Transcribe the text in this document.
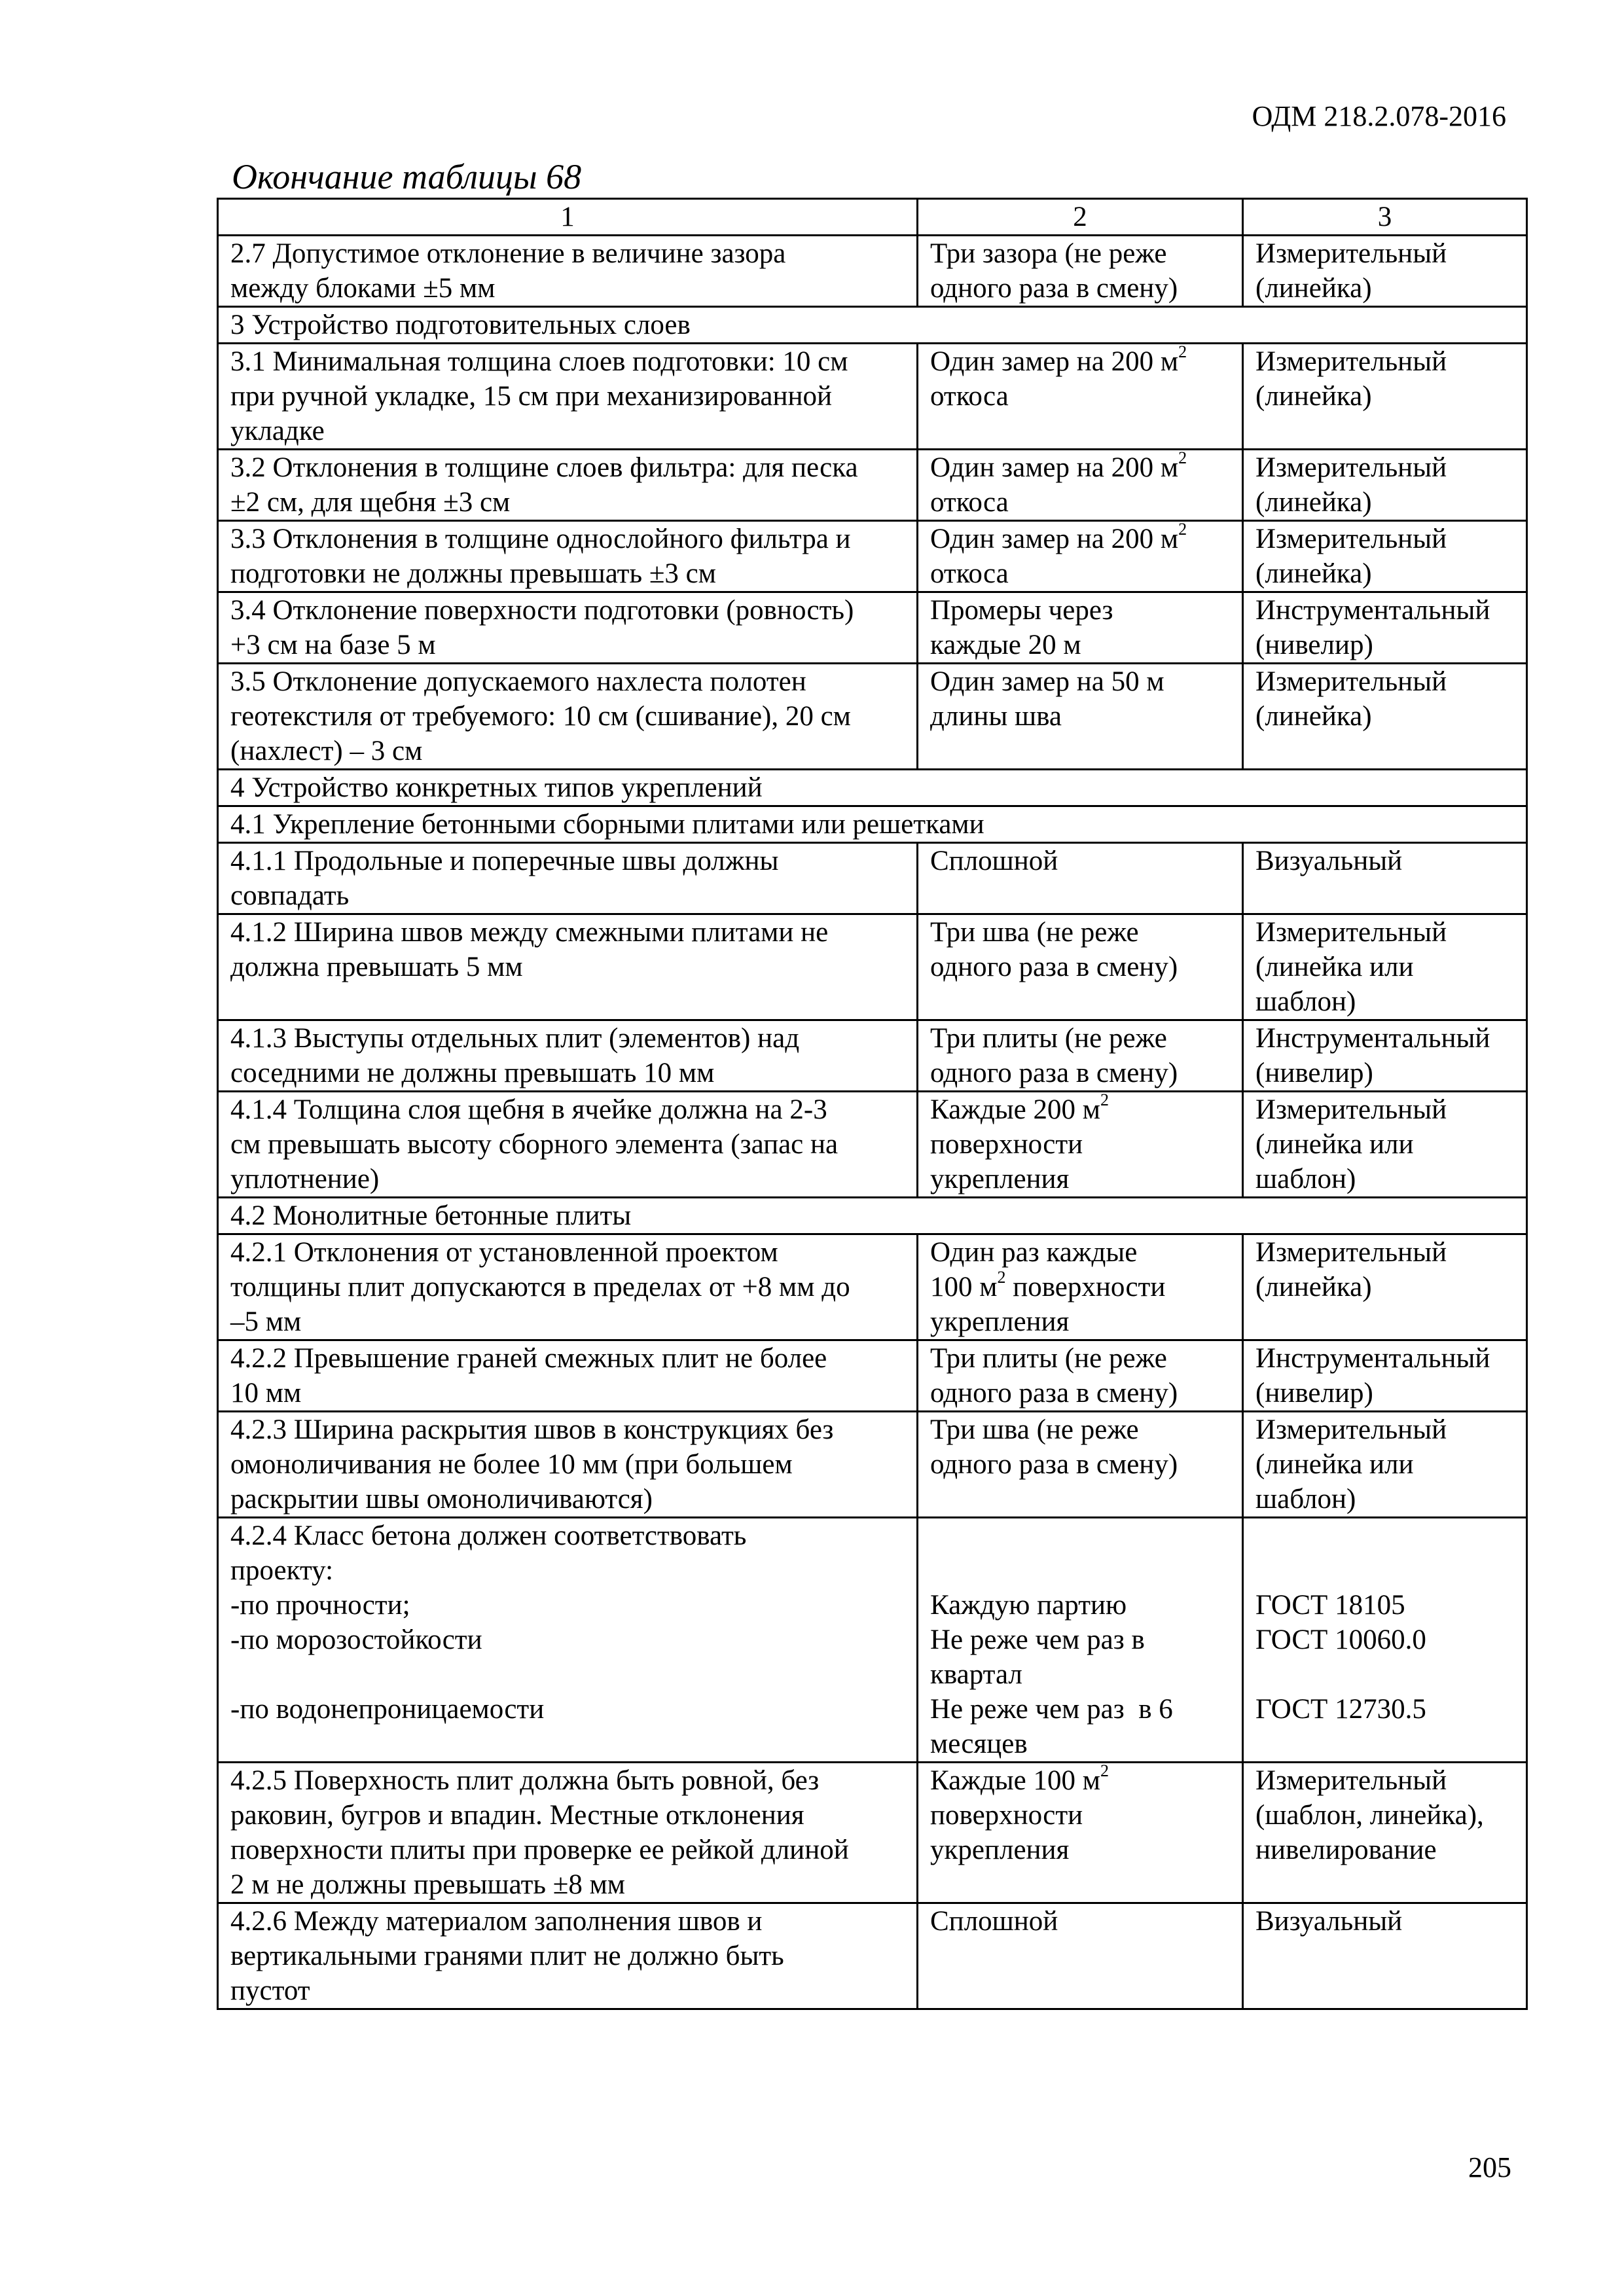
ОДМ 218.2.078-2016
Окончание таблицы 68
1	2	3

2.7 Допустимое отклонение в величине зазора
между блоками ±5 мм	Три зазора (не реже
одного раза в смену)	Измерительный
(линейка)

3 Устройство подготовительных слоев		

3.1 Минимальная толщина слоев подготовки: 10 см
при ручной укладке, 15 см при механизированной
укладке	Один замер на 200 $м^2$
откоса	Измерительный
(линейка)

3.2 Отклонения в толщине слоев фильтра: для песка
±2 см, для щебня ±3 см	Один замер на 200 $м^2$
откоса	Измерительный
(линейка)

3.3 Отклонения в толщине однослойного фильтра и
подготовки не должны превышать ±3 см	Один замер на 200 $м^2$
откоса	Измерительный
(линейка)

3.4 Отклонение поверхности подготовки (ровность)
+3 см на базе 5 м	Промеры через
каждые 20 м	Инструментальный
(нивелир)

3.5 Отклонение допускаемого нахлеста полотен
геотекстиля от требуемого: 10 см (сшивание), 20 см
(нахлест) – 3 см	Один замер на 50 м
длины шва	Измерительный
(линейка)

4 Устройство конкретных типов укреплений		
4.1 Укрепление бетонными сборными плитами или решетками		

4.1.1 Продольные и поперечные швы должны
совпадать	Сплошной	Визуальный

4.1.2 Ширина швов между смежными плитами не
должна превышать 5 мм	Три шва (не реже
одного раза в смену)	Измерительный
(линейка или
шаблон)

4.1.3 Выступы отдельных плит (элементов) над
соседними не должны превышать 10 мм	Три плиты (не реже
одного раза в смену)	Инструментальный
(нивелир)

4.1.4 Толщина слоя щебня в ячейке должна на 2-3
см превышать высоту сборного элемента (запас на
уплотнение)	Каждые 200 $м^2$
поверхности
укрепления	Измерительный
(линейка или
шаблон)

4.2 Монолитные бетонные плиты		

4.2.1 Отклонения от установленной проектом
толщины плит допускаются в пределах от +8 мм до
–5 мм	Один раз каждые
100 $м^2$ поверхности
укрепления	Измерительный
(линейка)

4.2.2 Превышение граней смежных плит не более
10 мм	Три плиты (не реже
одного раза в смену)	Инструментальный
(нивелир)

4.2.3 Ширина раскрытия швов в конструкциях без
омоноличивания не более 10 мм (при большем
раскрытии швы омоноличиваются)	Три шва (не реже
одного раза в смену)	Измерительный
(линейка или
шаблон)

4.2.4 Класс бетона должен соответствовать
проекту:
-по прочности;
-по морозостойкости

-по водонепроницаемости	Каждую партию
Не реже чем раз в
квартал
Не реже чем раз  в 6
месяцев	ГОСТ 18105
ГОСТ 10060.0

ГОСТ 12730.5

4.2.5 Поверхность плит должна быть ровной, без
раковин, бугров и впадин. Местные отклонения
поверхности плиты при проверке ее рейкой длиной
2 м не должны превышать ±8 мм	Каждые 100 $м^2$
поверхности
укрепления	Измерительный
(шаблон, линейка),
нивелирование

4.2.6 Между материалом заполнения швов и
вертикальными гранями плит не должно быть
пустот	Сплошной	Визуальный
205
